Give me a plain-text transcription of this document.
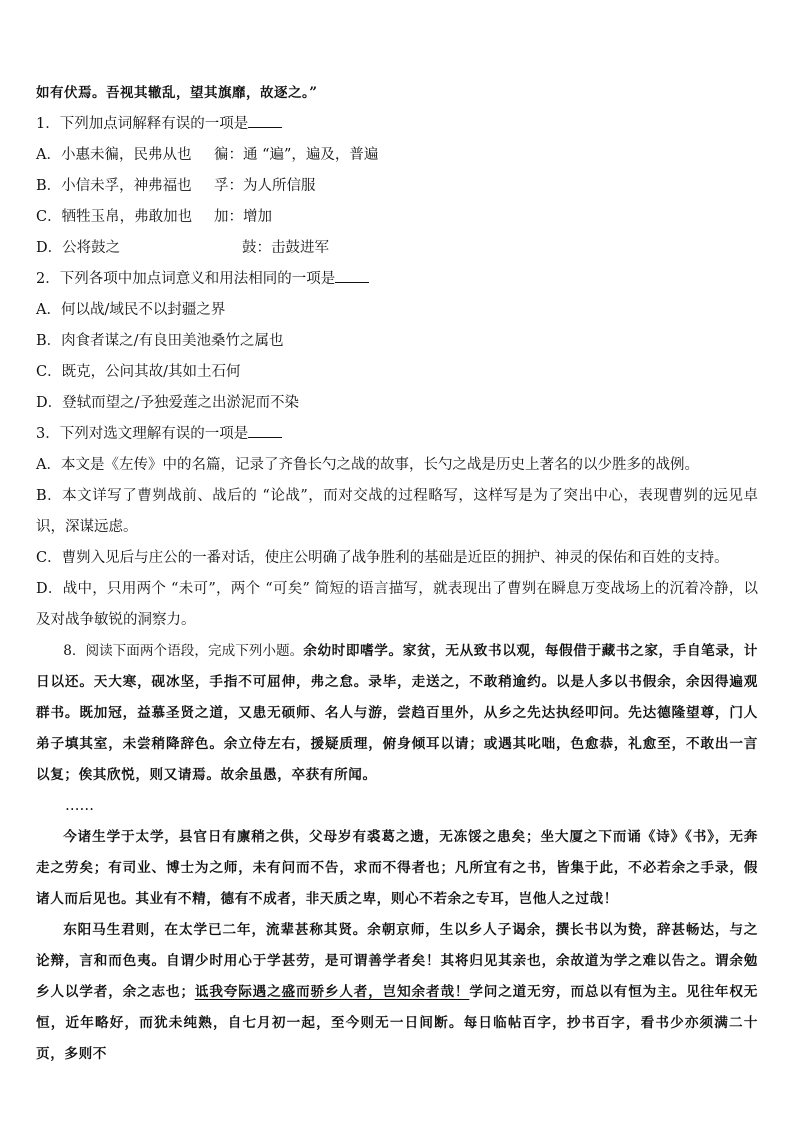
如有伏焉。吾视其辙乱，望其旗靡，故逐之。”
1．下列加点词解释有误的一项是
A．小惠未徧，民弗从也 徧：通 “遍”，遍及，普遍
B．小信未孚，神弗福也 孚：为人所信服
C．牺牲玉帛，弗敢加也 加：增加
D．公将鼓之	鼓：击鼓进军
2．下列各项中加点词意义和用法相同的一项是
A．何以战/域民不以封疆之界
B．肉食者谋之/有良田美池桑竹之属也
C．既克，公问其故/其如土石何
D．登轼而望之/予独爱莲之出淤泥而不染
3．下列对选文理解有误的一项是
A．本文是《左传》中的名篇，记录了齐鲁长勺之战的故事，长勺之战是历史上著名的以少胜多的战例。
B．本文详写了曹刿战前、战后的 “论战”，而对交战的过程略写，这样写是为了突出中心，表现曹刿的远见卓识，深谋远虑。
C．曹刿入见后与庄公的一番对话，使庄公明确了战争胜利的基础是近臣的拥护、神灵的保佑和百姓的支持。
D．战中，只用两个 “未可”，两个 “可矣” 简短的语言描写，就表现出了曹刿在瞬息万变战场上的沉着冷静，以及对战争敏锐的洞察力。
8．阅读下面两个语段，完成下列小题。余幼时即嗜学。家贫，无从致书以观，每假借于藏书之家，手自笔录，计日以还。天大寒，砚冰坚，手指不可屈伸，弗之怠。录毕，走送之，不敢稍逾约。以是人多以书假余，余因得遍观群书。既加冠，益慕圣贤之道，又患无硕师、名人与游，尝趋百里外，从乡之先达执经叩问。先达德隆望尊，门人弟子填其室，未尝稍降辞色。余立侍左右，援疑质理，俯身倾耳以请；或遇其叱咄，色愈恭，礼愈至，不敢出一言以复；俟其欣悦，则又请焉。故余虽愚，卒获有所闻。
……
今诸生学于太学，县官日有廪稍之供，父母岁有裘葛之遗，无冻馁之患矣；坐大厦之下而诵《诗》《书》，无奔走之劳矣；有司业、博士为之师，未有问而不告，求而不得者也；凡所宜有之书，皆集于此，不必若余之手录，假诸人而后见也。其业有不精，德有不成者，非天质之卑，则心不若余之专耳，岂他人之过哉！
东阳马生君则，在太学已二年，流辈甚称其贤。余朝京师，生以乡人子谒余，撰长书以为贽，辞甚畅达，与之论辩，言和而色夷。自谓少时用心于学甚劳，是可谓善学者矣！其将归见其亲也，余故道为学之难以告之。谓余勉乡人以学者，余之志也；诋我夸际遇之盛而骄乡人者，岂知余者哉！学问之道无穷，而总以有恒为主。见往年权无恒，近年略好，而犹未纯熟，自七月初一起，至今则无一日间断。每日临帖百字，抄书百字，看书少亦须满二十页，多则不
